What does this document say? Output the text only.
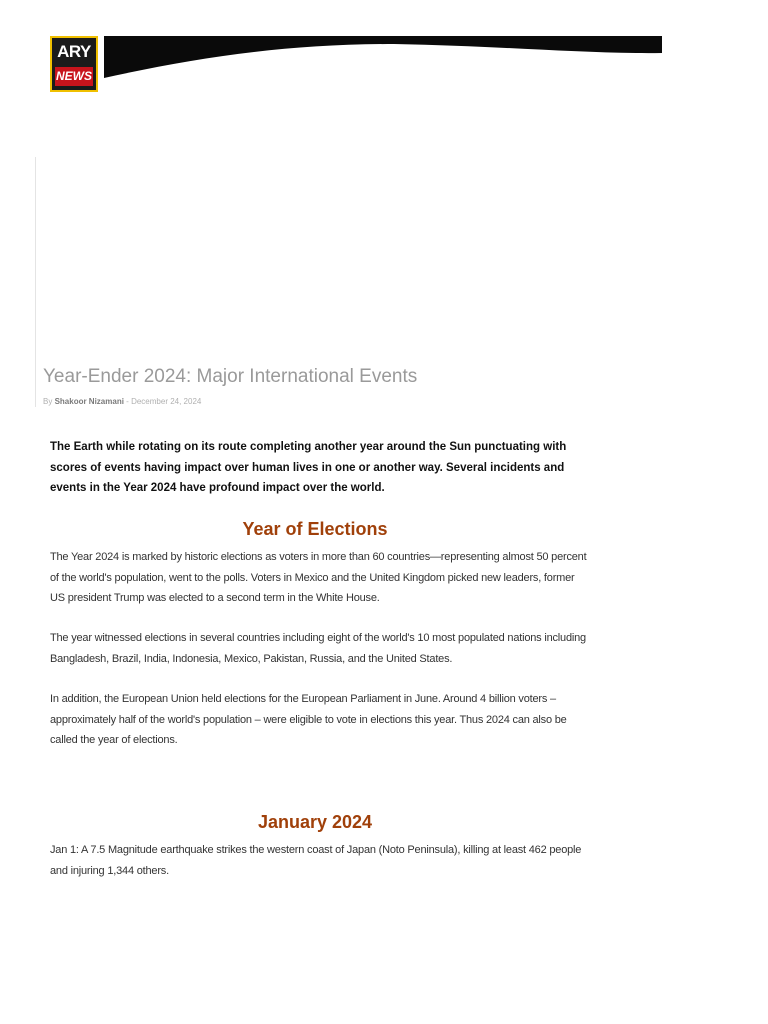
ARY
NEWS
Year-Ender 2024: Major International Events
By Shakoor Nizamani - December 24, 2024

The Earth while rotating on its route completing another year around the Sun punctuating with scores of events having impact over human lives in one or another way. Several incidents and events in the Year 2024 have profound impact over the world.

Year of Elections

The Year 2024 is marked by historic elections as voters in more than 60 countries—representing almost 50 percent of the world's population, went to the polls. Voters in Mexico and the United Kingdom picked new leaders, former US president Trump was elected to a second term in the White House.

The year witnessed elections in several countries including eight of the world's 10 most populated nations including Bangladesh, Brazil, India, Indonesia, Mexico, Pakistan, Russia, and the United States.

In addition, the European Union held elections for the European Parliament in June. Around 4 billion voters – approximately half of the world's population – were eligible to vote in elections this year. Thus 2024 can also be called the year of elections.

January 2024

Jan 1: A 7.5 Magnitude earthquake strikes the western coast of Japan (Noto Peninsula), killing at least 462 people and injuring 1,344 others.
